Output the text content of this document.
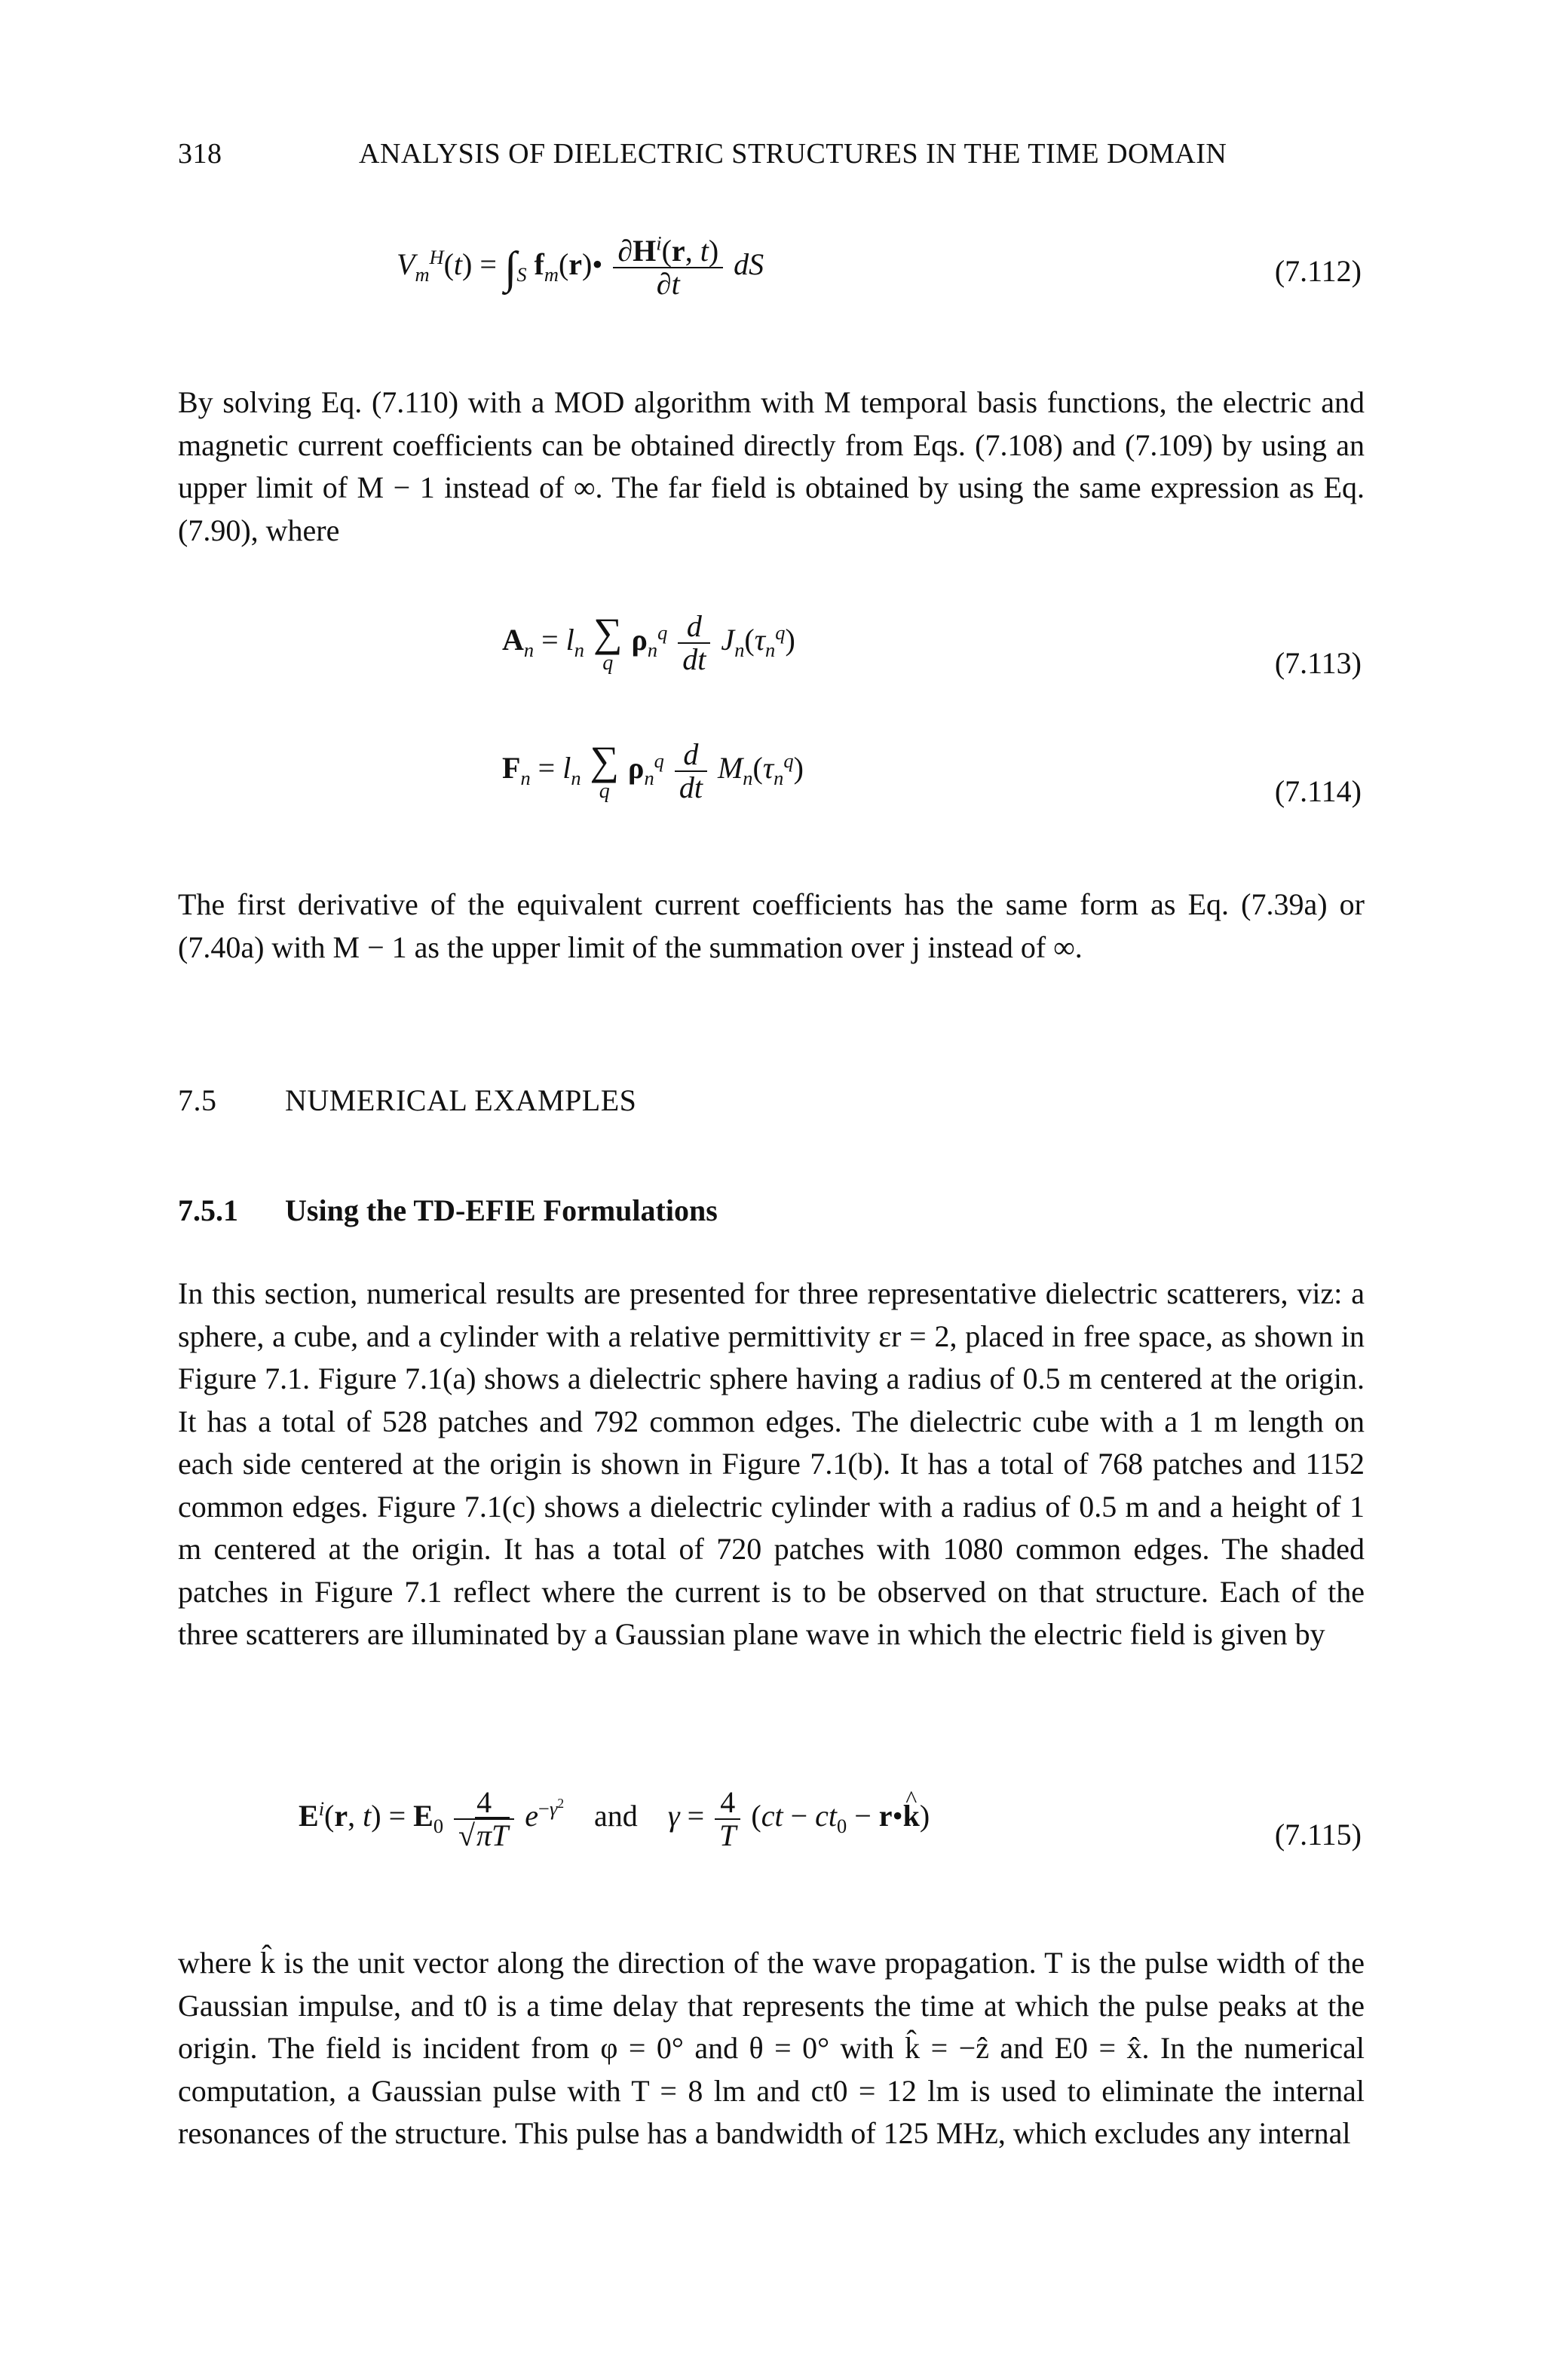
318	ANALYSIS OF DIELECTRIC STRUCTURES IN THE TIME DOMAIN
$V_m^H(t) = \int_S$ $f_m(r)• \frac{\partial H^i(r, t)}{\partial t}$ dS	(7.112)

By solving Eq. (7.110) with a MOD algorithm with M temporal basis functions, the electric and magnetic current coefficients can be obtained directly from Eqs. (7.108) and (7.109) by using an upper limit of M − 1 instead of ∞. The far field is obtained by using the same expression as Eq. (7.90), where

$A_n = l_n$ ∑
q
$\rho_n^q \frac{d}{dt} J_n(\tau_n^q)$
(7.113)
$F_n = l_n$ ∑
q
$\rho_n^q \frac{d}{dt} M_n(\tau_n^q)$
(7.114)

The first derivative of the equivalent current coefficients has the same form as Eq. (7.39a) or (7.40a) with M − 1 as the upper limit of the summation over j instead of ∞.

7.5 NUMERICAL EXAMPLES
7.5.1 Using the TD-EFIE Formulations

In this section, numerical results are presented for three representative dielectric scatterers, viz: a sphere, a cube, and a cylinder with a relative permittivity εr = 2, placed in free space, as shown in Figure 7.1. Figure 7.1(a) shows a dielectric sphere having a radius of 0.5 m centered at the origin. It has a total of 528 patches and 792 common edges. The dielectric cube with a 1 m length on each side centered at the origin is shown in Figure 7.1(b). It has a total of 768 patches and 1152 common edges. Figure 7.1(c) shows a dielectric cylinder with a radius of 0.5 m and a height of 1 m centered at the origin. It has a total of 720 patches with 1080 common edges. The shaded patches in Figure 7.1 reflect where the current is to be observed on that structure. Each of the three scatterers are illuminated by a Gaussian plane wave in which the electric field is given by

$E^i(r$, $t) = E_0 \frac{4}{√\pi T} e^{-\gamma^2}$    and    $\gamma = \frac{4}{T} (ct - ct_0$ − r•^ k)
(7.115)

where k̂ is the unit vector along the direction of the wave propagation. T is the pulse width of the Gaussian impulse, and t0 is a time delay that represents the time at which the pulse peaks at the origin. The field is incident from φ = 0° and θ = 0° with k̂ = −ẑ and E0 = x̂. In the numerical computation, a Gaussian pulse with T = 8 lm and ct0 = 12 lm is used to eliminate the internal resonances of the structure. This pulse has a bandwidth of 125 MHz, which excludes any internal
